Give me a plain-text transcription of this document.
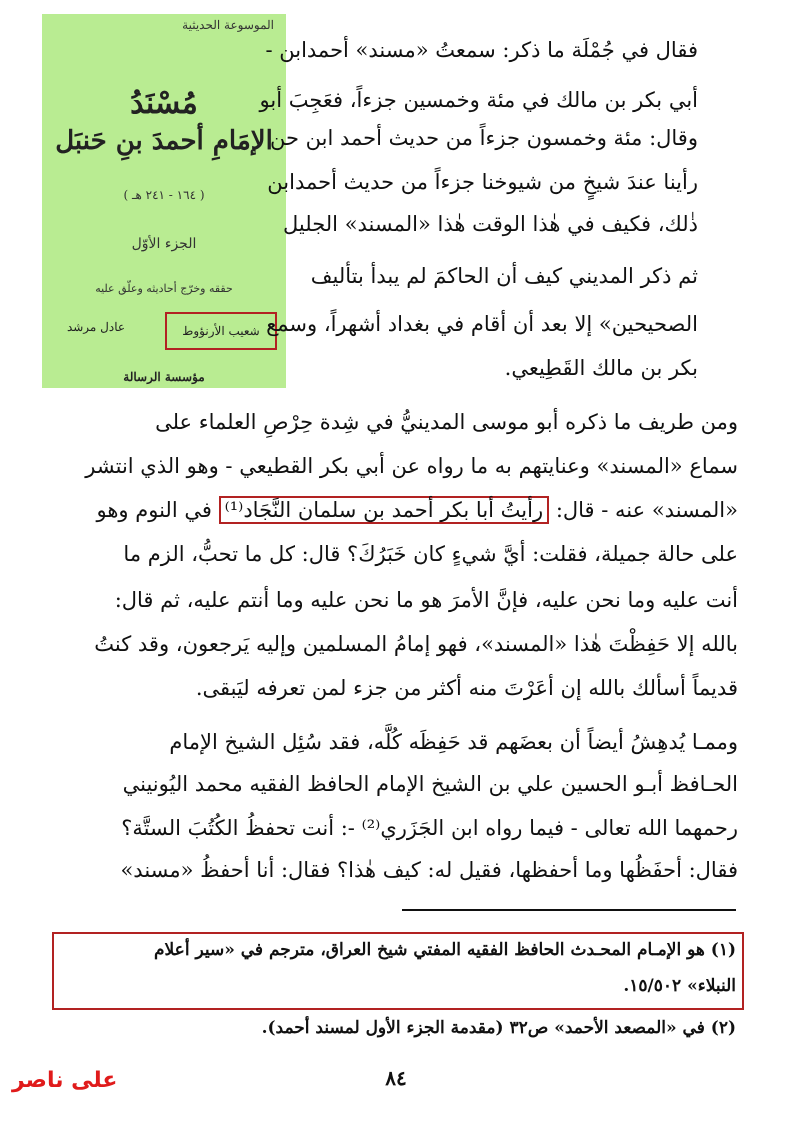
الموسوعة الحديثية
مُسْنَدُ
الإمَامِ أحمدَ بنِ حَنبَل
( ١٦٤ - ٢٤١ هـ )
الجزء الأوّل
حققه وخرّج أحاديثه وعلّق عليه
شعيب الأرنؤوط
عادل مرشد
مؤسسة الرسالة
فقال في جُمْلَة ما ذكر: سمعتُ «مسند» أحمدابن -
أبي بكر بن مالك في مئة وخمسين جزءاً، فعَجِبَ أبو
وقال: مئة وخمسون جزءاً من حديث أحمد ابن حن
رأينا عندَ شيخٍ من شيوخنا جزءاً من حديث أحمدابن
ذٰلك، فكيف في هٰذا الوقت هٰذا «المسند» الجليل
ثم ذكر المديني كيف أن الحاكمَ لم يبدأ بتأليف
الصحيحين» إلا بعد أن أقام في بغداد أشهراً، وسمع
بكر بن مالك القَطِيعي.
ومن طريف ما ذكره أبو موسى المدينيُّ في شِدة حِرْصِ العلماء على
سماع «المسند» وعنايتهم به ما رواه عن أبي بكر القطيعي - وهو الذي انتشر
«المسند» عنه - قال: رأيتُ أبا بكر أحمد بن سلمان النَّجَاد⁽¹⁾ في النوم وهو
على حالة جميلة، فقلت: أيَّ شيءٍ كان خَبَرُكَ؟ قال: كل ما تحبُّ، الزم ما
أنت عليه وما نحن عليه، فإنَّ الأمرَ هو ما نحن عليه وما أنتم عليه، ثم قال:
بالله إلا حَفِظْتَ هٰذا «المسند»، فهو إمامُ المسلمين وإليه يَرجعون، وقد كنتُ
قديماً أسألك بالله إن أعَرْتَ منه أكثر من جزء لمن تعرفه ليَبقى.
وممـا يُدهِشُ أيضاً أن بعضَهم قد حَفِظَه كُلَّه، فقد سُئِل الشيخ الإمام
الحـافظ أبـو الحسين علي بن الشيخ الإمام الحافظ الفقيه محمد اليُونيني
رحمهما الله تعالى - فيما رواه ابن الجَزَري⁽²⁾ -: أنت تحفظُ الكُتُبَ الستَّة؟
فقال: أحفَظُها وما أحفظها، فقيل له: كيف هٰذا؟ فقال: أنا أحفظُ «مسند»
(١) هو الإمـام المحـدث الحافظ الفقيه المفتي شيخ العراق، مترجم في «سير أعلام
النبلاء» ١٥/٥٠٢.
(٢) في «المصعد الأحمد» ص٣٢ (مقدمة الجزء الأول لمسند أحمد).
٨٤
على ناصر
